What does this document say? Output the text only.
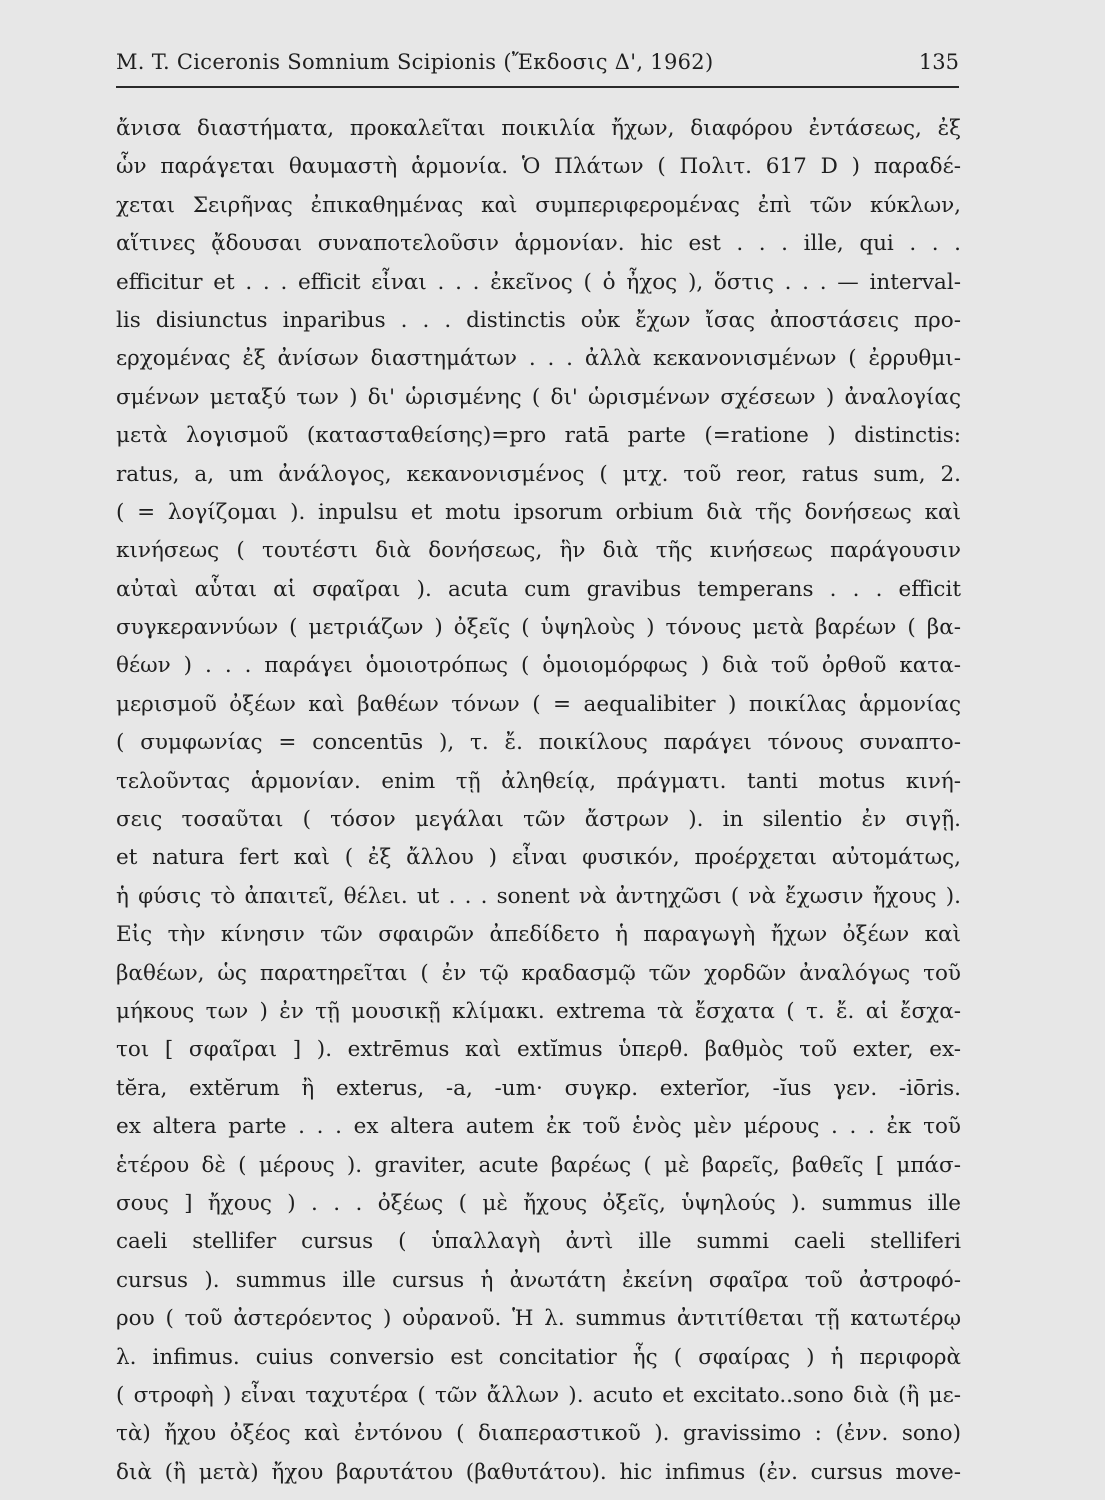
M. T. Ciceronis Somnium Scipionis (Ἔκδοσις Δ', 1962)	135
ἄνισα διαστήματα, προκαλεῖται ποικιλία ἤχων, διαφόρου ἐντάσεως, ἐξ
ὧν παράγεται θαυμαστὴ ἁρμονία. Ὁ Πλάτων ( Πολιτ. 617 D ) παραδέ-
χεται Σειρῆνας ἐπικαθημένας καὶ συμπεριφερομένας ἐπὶ τῶν κύκλων,
αἵτινες ᾄδουσαι συναποτελοῦσιν ἁρμονίαν. hic est . . . ille, qui . . .
efficitur et . . . efficit εἶναι . . . ἐκεῖνος ( ὁ ἦχος ), ὅστις . . . — interval-
lis disiunctus inparibus . . . distinctis οὐκ ἔχων ἴσας ἀποστάσεις προ-
ερχομένας ἐξ ἀνίσων διαστημάτων . . . ἀλλὰ κεκανονισμένων ( ἐρρυθμι-
σμένων μεταξύ των ) δι' ὡρισμένης ( δι' ὡρισμένων σχέσεων ) ἀναλογίας
μετὰ λογισμοῦ (κατασταθείσης)=pro ratā parte (=ratione ) distinctis:
ratus, a, um ἀνάλογος, κεκανονισμένος ( μτχ. τοῦ reor, ratus sum, 2.
( = λογίζομαι ). inpulsu et motu ipsorum orbium διὰ τῆς δονήσεως καὶ
κινήσεως ( τουτέστι διὰ δονήσεως, ἣν διὰ τῆς κινήσεως παράγουσιν
αὐταὶ αὗται αἱ σφαῖραι ). acuta cum gravibus temperans . . . efficit
συγκεραννύων ( μετριάζων ) ὀξεῖς ( ὑψηλοὺς ) τόνους μετὰ βαρέων ( βα-
θέων ) . . . παράγει ὁμοιοτρόπως ( ὁμοιομόρφως ) διὰ τοῦ ὀρθοῦ κατα-
μερισμοῦ ὀξέων καὶ βαθέων τόνων ( = aequalibiter ) ποικίλας ἁρμονίας
( συμφωνίας = concentūs ), τ. ἔ. ποικίλους παράγει τόνους συναπτο-
τελοῦντας ἁρμονίαν. enim τῇ ἀληθείᾳ, πράγματι. tanti motus κινή-
σεις τοσαῦται ( τόσον μεγάλαι τῶν ἄστρων ). in silentio ἐν σιγῇ.
et natura fert καὶ ( ἐξ ἄλλου ) εἶναι φυσικόν, προέρχεται αὐτομάτως,
ἡ φύσις τὸ ἀπαιτεῖ, θέλει. ut . . . sonent νὰ ἀντηχῶσι ( νὰ ἔχωσιν ἤχους ).
Εἰς τὴν κίνησιν τῶν σφαιρῶν ἀπεδίδετο ἡ παραγωγὴ ἤχων ὀξέων καὶ
βαθέων, ὡς παρατηρεῖται ( ἐν τῷ κραδασμῷ τῶν χορδῶν ἀναλόγως τοῦ
μήκους των ) ἐν τῇ μουσικῇ κλίμακι. extrema τὰ ἔσχατα ( τ. ἔ. αἱ ἔσχα-
τοι [ σφαῖραι ] ). extrēmus καὶ extĭmus ὑπερθ. βαθμὸς τοῦ exter, ex-
tĕra, extĕrum ἢ exterus, -a, -um· συγκρ. exterĭor, -ĭus γεν. -iōris.
ex altera parte . . . ex altera autem ἐκ τοῦ ἑνὸς μὲν μέρους . . . ἐκ τοῦ
ἑτέρου δὲ ( μέρους ). graviter, acute βαρέως ( μὲ βαρεῖς, βαθεῖς [ μπάσ-
σους ] ἤχους ) . . . ὀξέως ( μὲ ἤχους ὀξεῖς, ὑψηλούς ). summus ille
caeli stellifer cursus ( ὑπαλλαγὴ ἀντὶ ille summi caeli stelliferi
cursus ). summus ille cursus ἡ ἀνωτάτη ἐκείνη σφαῖρα τοῦ ἀστροφό-
ρου ( τοῦ ἀστερόεντος ) οὐρανοῦ. Ἡ λ. summus ἀντιτίθεται τῇ κατωτέρῳ
λ. infimus. cuius conversio est concitatior ἧς ( σφαίρας ) ἡ περιφορὰ
( στροφὴ ) εἶναι ταχυτέρα ( τῶν ἄλλων ). acuto et excitato..sono διὰ (ἢ με-
τὰ) ἤχου ὀξέος καὶ ἐντόνου ( διαπεραστικοῦ ). gravissimo : (ἐνν. sono)
διὰ (ἢ μετὰ) ἤχου βαρυτάτου (βαθυτάτου). hic infimus (ἐν. cursus move-
